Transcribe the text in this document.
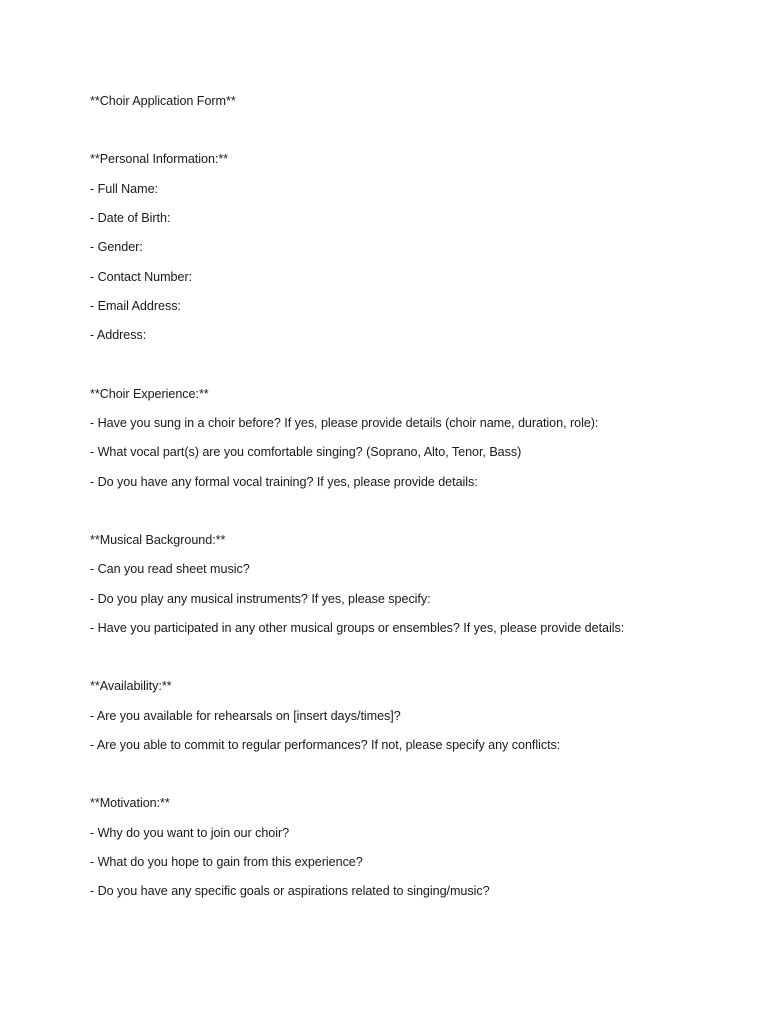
**Choir Application Form**
**Personal Information:**
- Full Name:
- Date of Birth:
- Gender:
- Contact Number:
- Email Address:
- Address:
**Choir Experience:**
- Have you sung in a choir before? If yes, please provide details (choir name, duration, role):
- What vocal part(s) are you comfortable singing? (Soprano, Alto, Tenor, Bass)
- Do you have any formal vocal training? If yes, please provide details:
**Musical Background:**
- Can you read sheet music?
- Do you play any musical instruments? If yes, please specify:
- Have you participated in any other musical groups or ensembles? If yes, please provide details:
**Availability:**
- Are you available for rehearsals on [insert days/times]?
- Are you able to commit to regular performances? If not, please specify any conflicts:
**Motivation:**
- Why do you want to join our choir?
- What do you hope to gain from this experience?
- Do you have any specific goals or aspirations related to singing/music?
